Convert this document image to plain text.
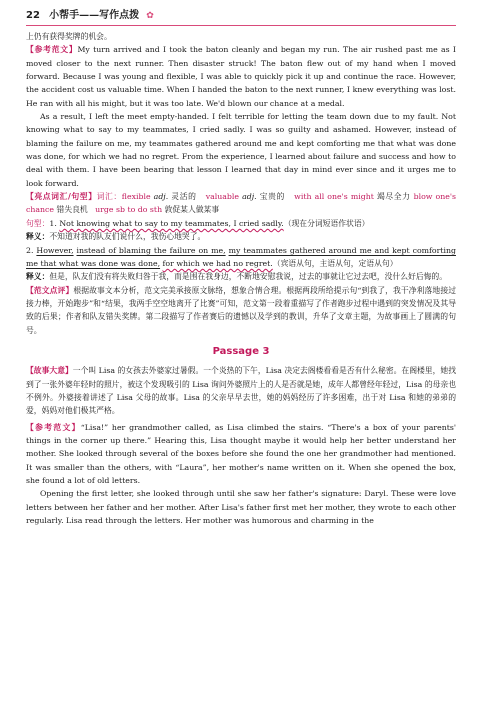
22 小帮手——写作点拨 ✿

上仍有获得奖牌的机会。

【参考范文】My turn arrived and I took the baton cleanly and began my run. The air rushed past me as I moved closer to the next runner. Then disaster struck! The baton flew out of my hand when I moved forward. Because I was young and flexible, I was able to quickly pick it up and continue the race. However, the accident cost us valuable time. When I handed the baton to the next runner, I knew everything was lost. He ran with all his might, but it was too late. We'd blown our chance at a medal.

As a result, I left the meet empty-handed. I felt terrible for letting the team down due to my fault. Not knowing what to say to my teammates, I cried sadly. I was so guilty and ashamed. However, instead of blaming the failure on me, my teammates gathered around me and kept comforting me that what was done was done, for which we had no regret. From the experience, I learned about failure and success and how to deal with them. I have been bearing that lesson I learned that day in mind ever since and it urges me to look forward.

【亮点词汇/句型】词汇：flexible adj. 灵活的 valuable adj. 宝贵的 with all one's might 竭尽全力 blow one's chance 错失良机 urge sb to do sth 敦促某人做某事

句型：1. Not knowing what to say to my teammates, I cried sadly.（现在分词短语作状语）

释义：不知道对我的队友们说什么，我伤心地哭了。

2. However, instead of blaming the failure on me, my teammates gathered around me and kept comforting me that what was done was done, for which we had no regret.（宾语从句，主语从句，定语从句）

释义：但是，队友们没有将失败归咎于我，而是围在我身边，不断地安慰我说，过去的事就让它过去吧，没什么好后悔的。

【范文点评】根据故事文本分析，范文完美承接原文脉络，想象合情合理。根据两段所给提示句“到我了，我干净利落地接过接力棒，开始跑步”和“结果，我两手空空地离开了比赛”可知，范文第一段着重描写了作者跑步过程中遇到的突发情况及其导致的后果；作者和队友错失奖牌。第二段描写了作者赛后的遗憾以及学到的教训，升华了文章主题，为故事画上了圆满的句号。

Passage 3

【故事大意】一个叫 Lisa 的女孩去外婆家过暑假。一个炎热的下午，Lisa 决定去阁楼看看是否有什么秘密。在阁楼里，她找到了一张外婆年轻时的照片，被这个发现吸引的 Lisa 询问外婆照片上的人是否就是她，成年人都曾经年轻过，Lisa 的母亲也不例外。外婆接着讲述了 Lisa 父母的故事。Lisa 的父亲早早去世，她的妈妈经历了许多困难，出于对 Lisa 和她的弟弟的爱，妈妈对他们极其严格。

【参考范文】“Lisa!” her grandmother called, as Lisa climbed the stairs. “There's a box of your parents' things in the corner up there.” Hearing this, Lisa thought maybe it would help her better understand her mother. She looked through several of the boxes before she found the one her grandmother had mentioned. It was smaller than the others, with “Laura”, her mother's name written on it. When she opened the box, she found a lot of old letters.

Opening the first letter, she looked through until she saw her father's signature: Daryl. These were love letters between her father and her mother. After Lisa's father first met her mother, they wrote to each other regularly. Lisa read through the letters. Her mother was humorous and charming in the
